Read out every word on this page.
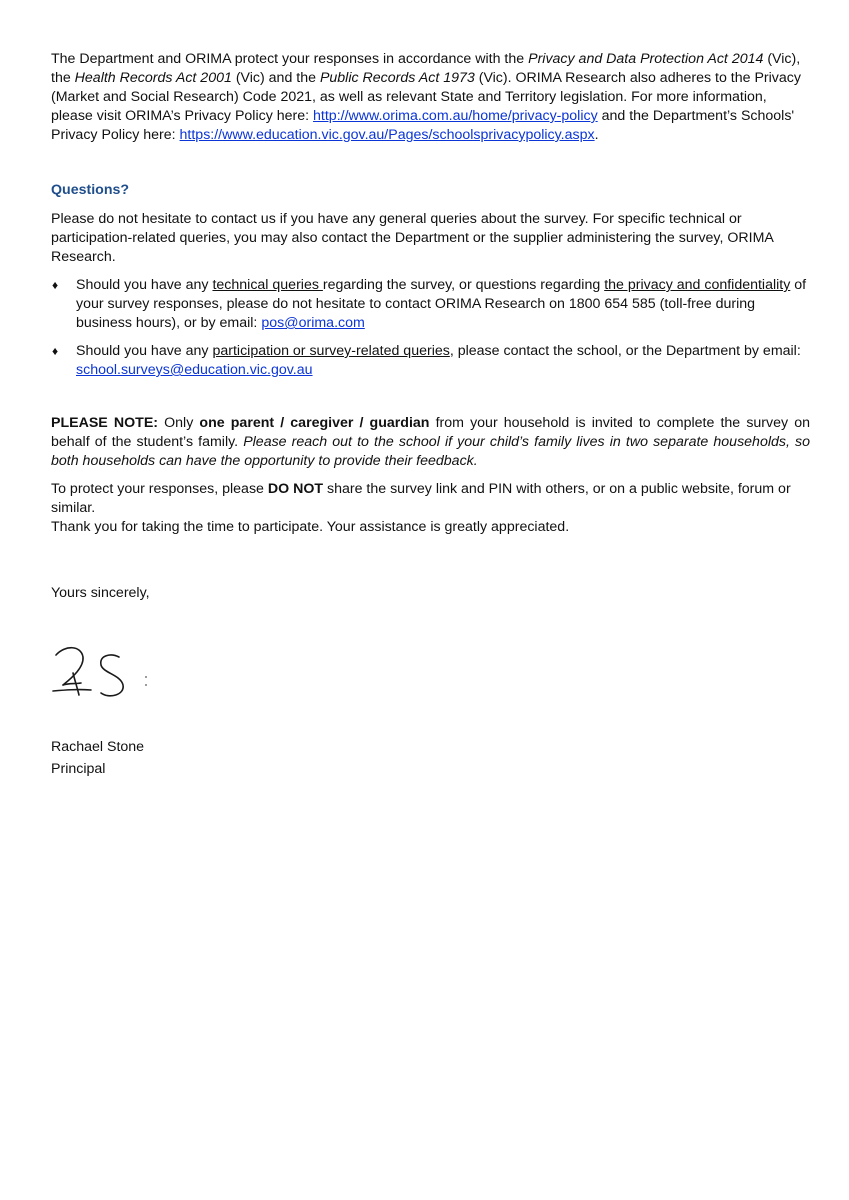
The Department and ORIMA protect your responses in accordance with the Privacy and Data Protection Act 2014 (Vic), the Health Records Act 2001 (Vic) and the Public Records Act 1973 (Vic). ORIMA Research also adheres to the Privacy (Market and Social Research) Code 2021, as well as relevant State and Territory legislation. For more information, please visit ORIMA’s Privacy Policy here: http://www.orima.com.au/home/privacy-policy and the Department’s Schools' Privacy Policy here: https://www.education.vic.gov.au/Pages/schoolsprivacypolicy.aspx.

Questions?

Please do not hesitate to contact us if you have any general queries about the survey. For specific technical or participation-related queries, you may also contact the Department or the supplier administering the survey, ORIMA Research.

♦ Should you have any technical queries regarding the survey, or questions regarding the privacy and confidentiality of your survey responses, please do not hesitate to contact ORIMA Research on 1800 654 585 (toll-free during business hours), or by email: pos@orima.com
♦ Should you have any participation or survey-related queries, please contact the school, or the Department by email: school.surveys@education.vic.gov.au

PLEASE NOTE: Only one parent / caregiver / guardian from your household is invited to complete the survey on behalf of the student’s family. Please reach out to the school if your child’s family lives in two separate households, so both households can have the opportunity to provide their feedback.

To protect your responses, please DO NOT share the survey link and PIN with others, or on a public website, forum or similar.

Thank you for taking the time to participate. Your assistance is greatly appreciated.

Yours sincerely,

Rachael Stone
Principal
